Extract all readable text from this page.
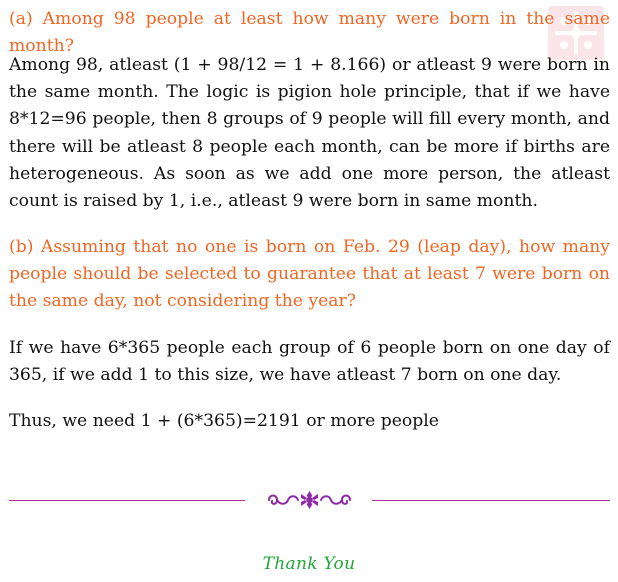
(a) Among 98 people at least how many were born in the same month?

Among 98, atleast (1 + 98/12 = 1 + 8.166) or atleast 9 were born in the same month. The logic is pigion hole principle, that if we have 8*12=96 people, then 8 groups of 9 people will fill every month, and there will be atleast 8 people each month, can be more if births are heterogeneous. As soon as we add one more person, the atleast count is raised by 1, i.e., atleast 9 were born in same month.

(b) Assuming that no one is born on Feb. 29 (leap day), how many people should be selected to guarantee that at least 7 were born on the same day, not considering the year?

If we have 6*365 people each group of 6 people born on one day of 365, if we add 1 to this size, we have atleast 7 born on one day.

Thus, we need 1 + (6*365)=2191 or more people

Thank You
